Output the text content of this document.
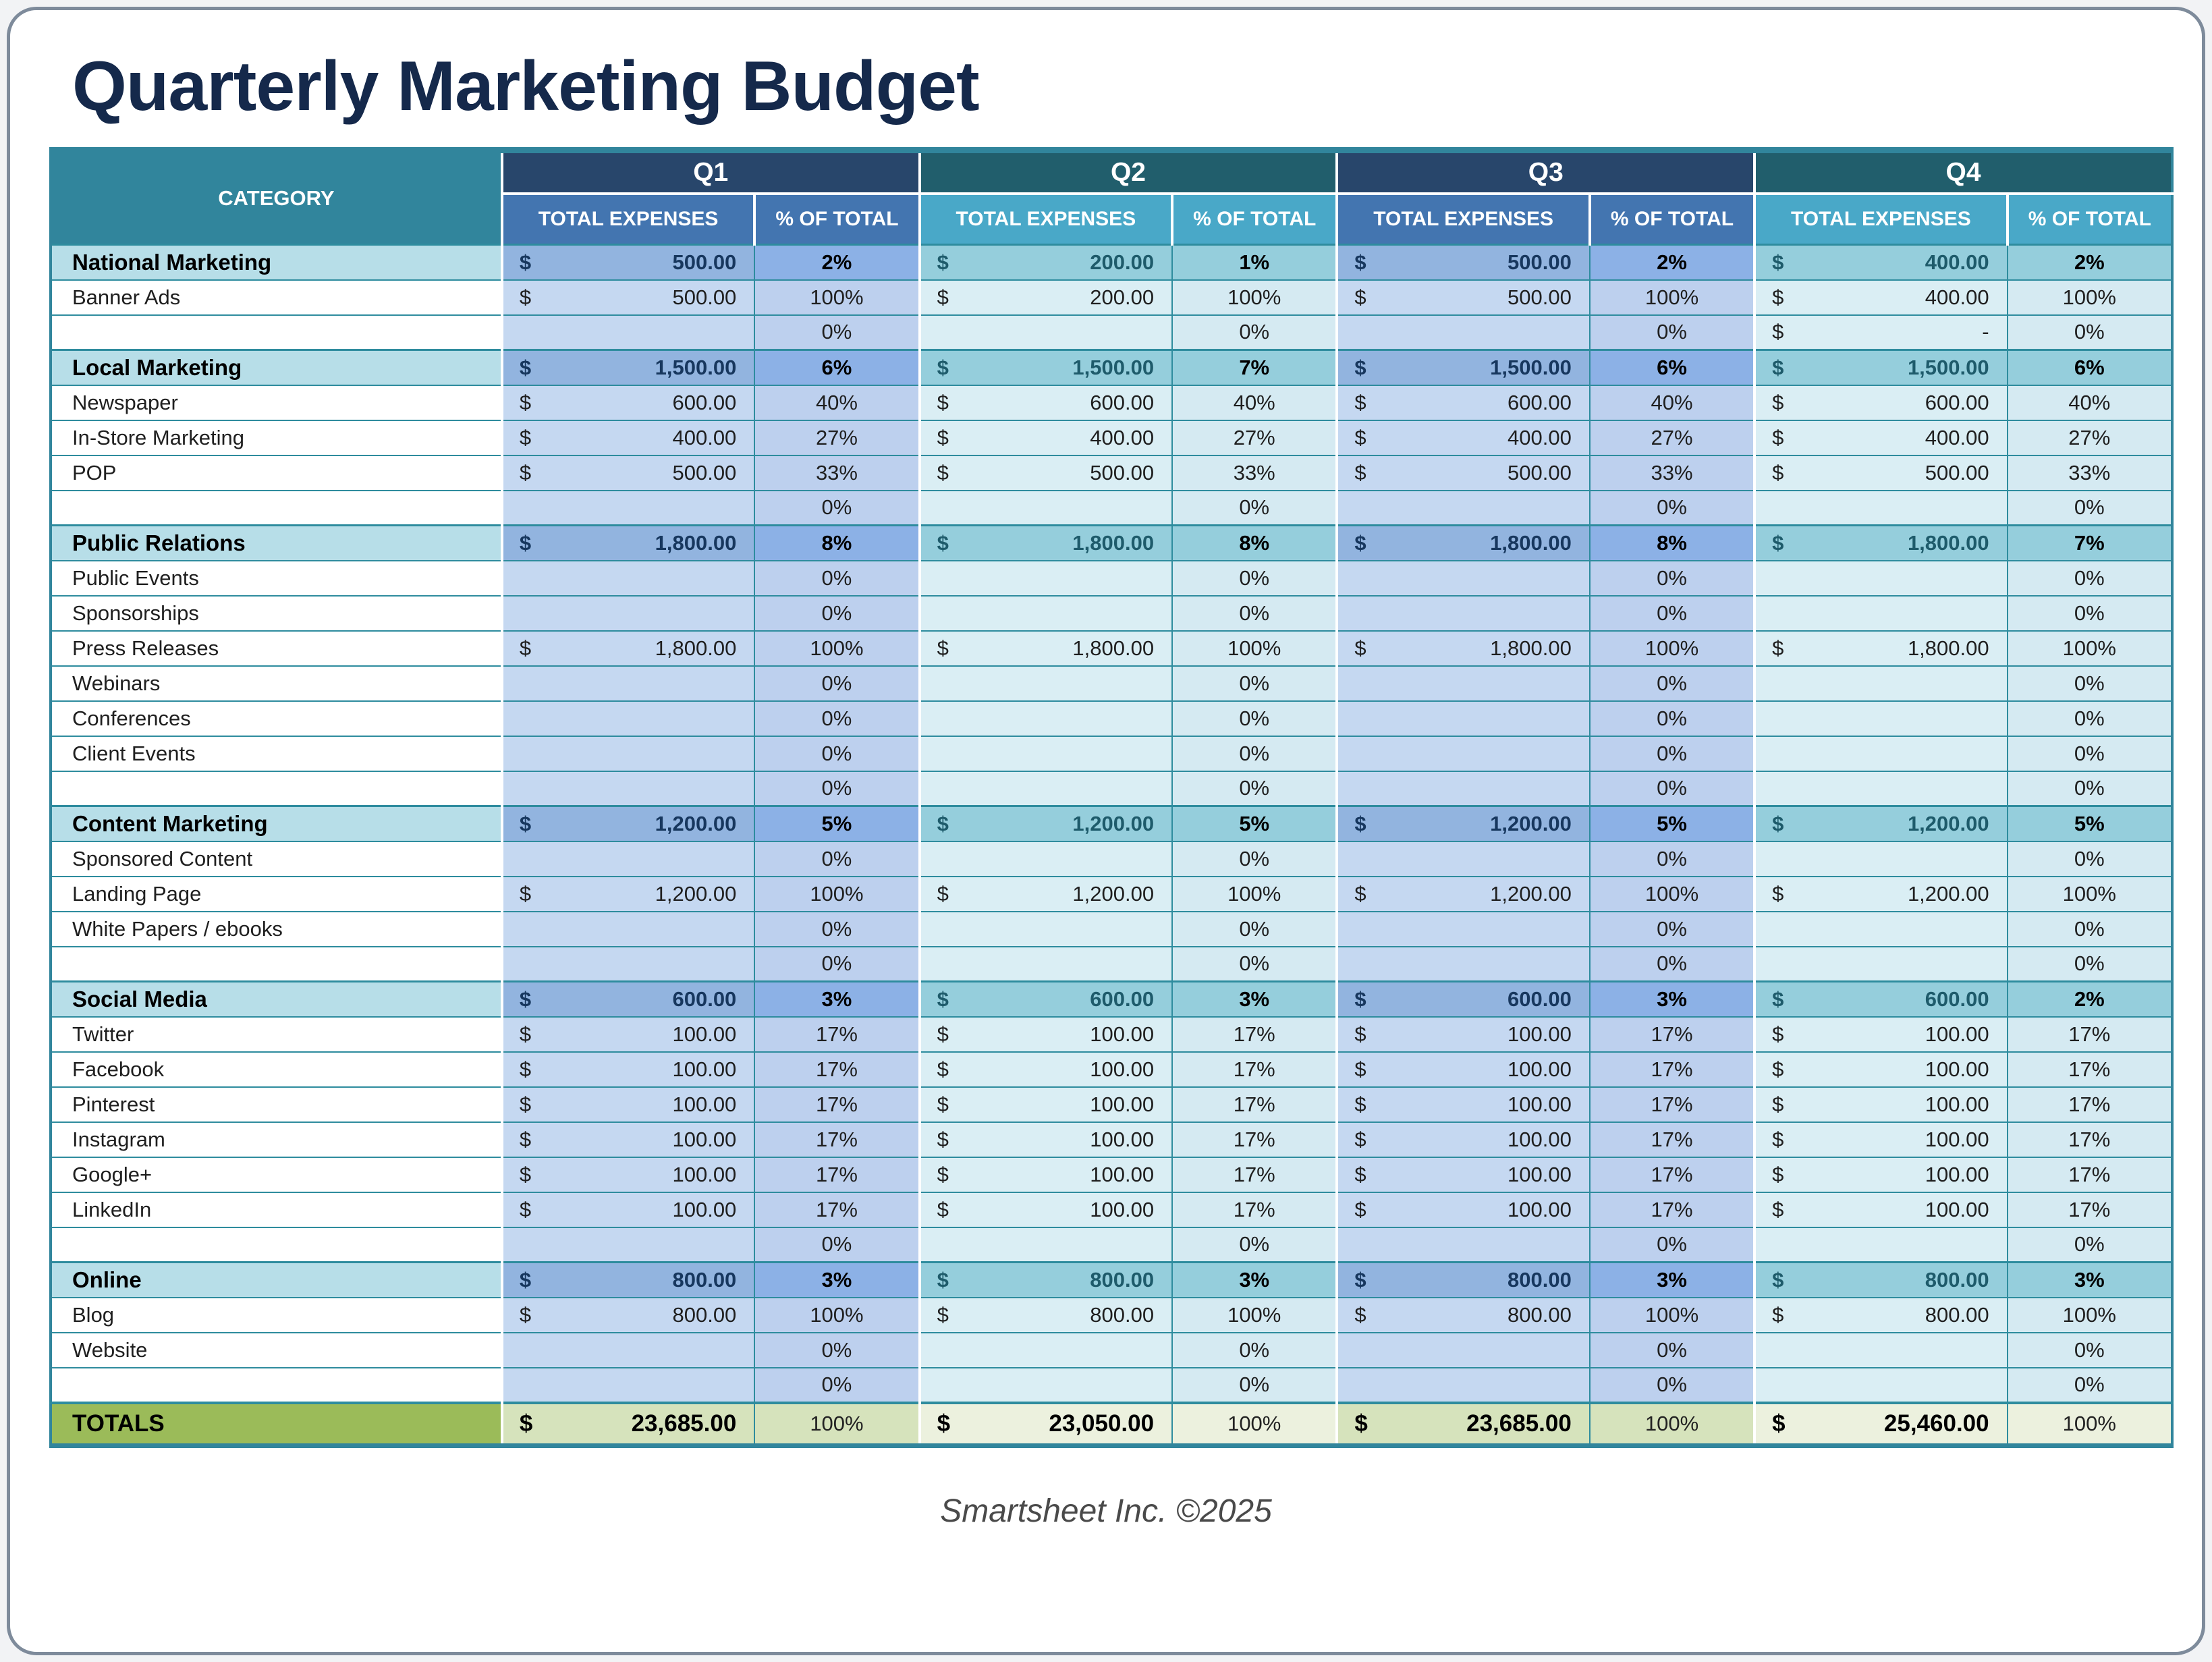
Quarterly Marketing Budget
CATEGORY	Q1		Q2		Q3		Q4	
	TOTAL EXPENSES	% OF TOTAL	TOTAL EXPENSES	% OF TOTAL	TOTAL EXPENSES	% OF TOTAL	TOTAL EXPENSES	% OF TOTAL
National Marketing	$ 500.00	2%	$ 200.00	1%	$ 500.00	2%	$ 400.00	2%
Banner Ads	$ 500.00	100%	$ 200.00	100%	$ 500.00	100%	$ 400.00	100%
		0%		0%		0%	$ -	0%
Local Marketing	$ 1,500.00	6%	$ 1,500.00	7%	$ 1,500.00	6%	$ 1,500.00	6%
Newspaper	$ 600.00	40%	$ 600.00	40%	$ 600.00	40%	$ 600.00	40%
In-Store Marketing	$ 400.00	27%	$ 400.00	27%	$ 400.00	27%	$ 400.00	27%
POP	$ 500.00	33%	$ 500.00	33%	$ 500.00	33%	$ 500.00	33%
		0%		0%		0%		0%
Public Relations	$ 1,800.00	8%	$ 1,800.00	8%	$ 1,800.00	8%	$ 1,800.00	7%
Public Events		0%		0%		0%		0%
Sponsorships		0%		0%		0%		0%
Press Releases	$ 1,800.00	100%	$ 1,800.00	100%	$ 1,800.00	100%	$ 1,800.00	100%
Webinars		0%		0%		0%		0%
Conferences		0%		0%		0%		0%
Client Events		0%		0%		0%		0%
		0%		0%		0%		0%
Content Marketing	$ 1,200.00	5%	$ 1,200.00	5%	$ 1,200.00	5%	$ 1,200.00	5%
Sponsored Content		0%		0%		0%		0%
Landing Page	$ 1,200.00	100%	$ 1,200.00	100%	$ 1,200.00	100%	$ 1,200.00	100%
White Papers / ebooks		0%		0%		0%		0%
		0%		0%		0%		0%
Social Media	$ 600.00	3%	$ 600.00	3%	$ 600.00	3%	$ 600.00	2%
Twitter	$ 100.00	17%	$ 100.00	17%	$ 100.00	17%	$ 100.00	17%
Facebook	$ 100.00	17%	$ 100.00	17%	$ 100.00	17%	$ 100.00	17%
Pinterest	$ 100.00	17%	$ 100.00	17%	$ 100.00	17%	$ 100.00	17%
Instagram	$ 100.00	17%	$ 100.00	17%	$ 100.00	17%	$ 100.00	17%
Google+	$ 100.00	17%	$ 100.00	17%	$ 100.00	17%	$ 100.00	17%
LinkedIn	$ 100.00	17%	$ 100.00	17%	$ 100.00	17%	$ 100.00	17%
		0%		0%		0%		0%
Online	$ 800.00	3%	$ 800.00	3%	$ 800.00	3%	$ 800.00	3%
Blog	$ 800.00	100%	$ 800.00	100%	$ 800.00	100%	$ 800.00	100%
Website		0%		0%		0%		0%
		0%		0%		0%		0%
TOTALS	$ 23,685.00	100%	$ 23,050.00	100%	$ 23,685.00	100%	$ 25,460.00	100%
Smartsheet Inc. ©2025
